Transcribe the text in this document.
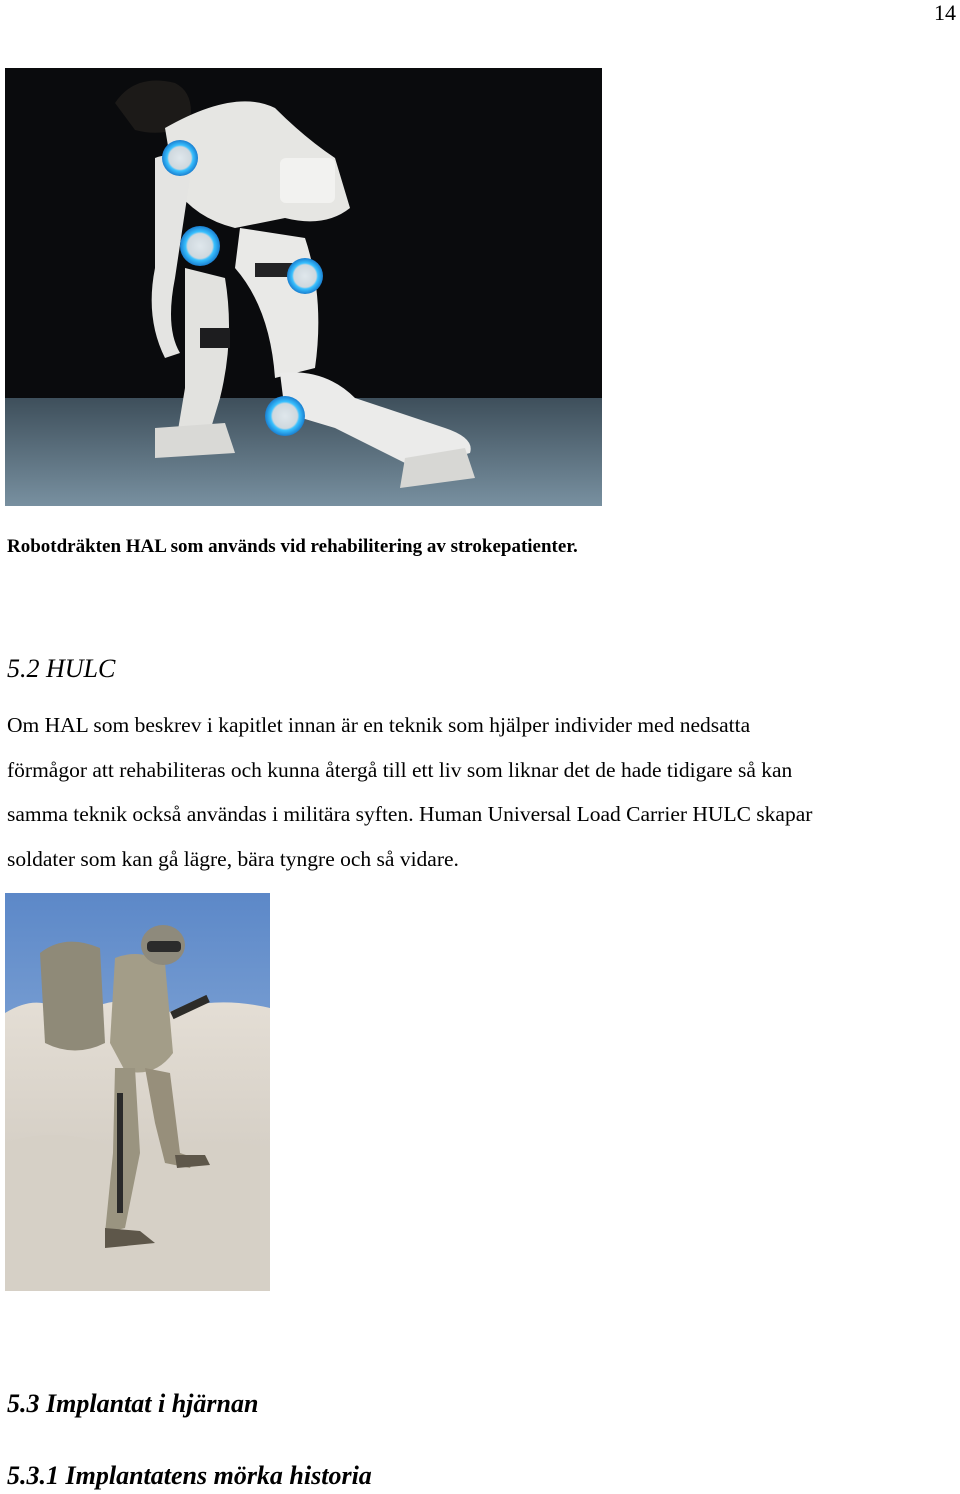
14
Robotdräkten HAL som används vid rehabilitering av strokepatienter.
5.2 HULC
Om HAL som beskrev i kapitlet innan är en teknik som hjälper individer med nedsatta
förmågor att rehabiliteras och kunna återgå till ett liv som liknar det de hade tidigare så kan
samma teknik också användas i militära syften. Human Universal Load Carrier HULC skapar
soldater som kan gå lägre, bära tyngre och så vidare.
5.3 Implantat i hjärnan
5.3.1 Implantatens mörka historia
